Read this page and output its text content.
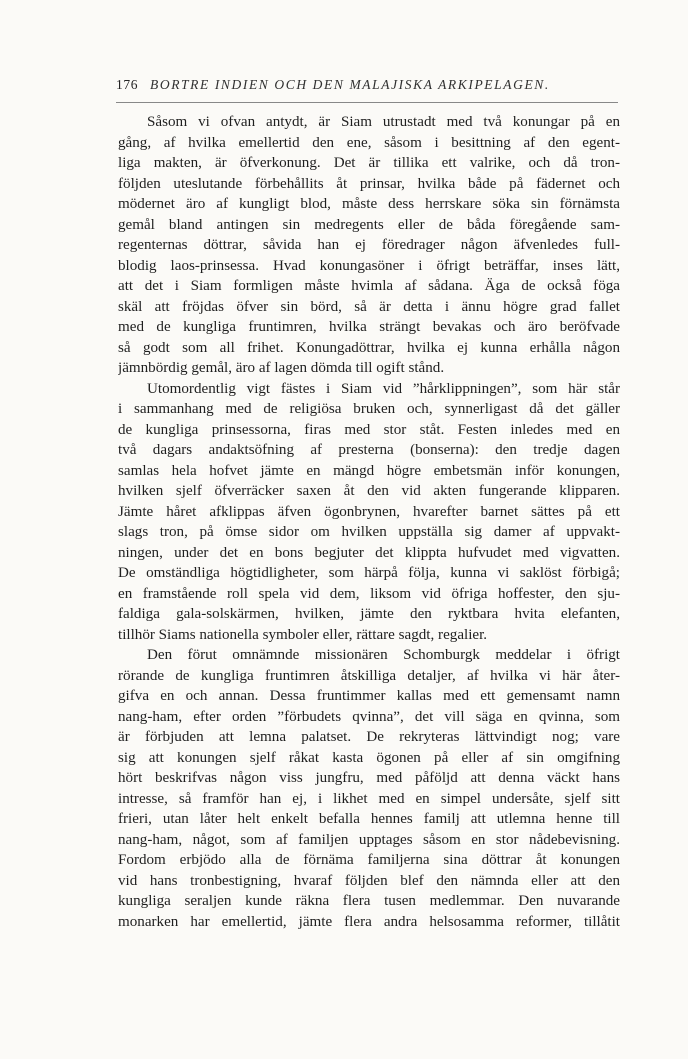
176 BORTRE INDIEN OCH DEN MALAJISKA ARKIPELAGEN.

Såsom vi ofvan antydt, är Siam utrustadt med två konungar på en
gång, af hvilka emellertid den ene, såsom i besittning af den egent-
liga makten, är öfverkonung. Det är tillika ett valrike, och då tron-
följden uteslutande förbehållits åt prinsar, hvilka både på fädernet och
mödernet äro af kungligt blod, måste dess herrskare söka sin förnämsta
gemål bland antingen sin medregents eller de båda föregående sam-
regenternas döttrar, såvida han ej föredrager någon äfvenledes full-
blodig laos-prinsessa. Hvad konungasöner i öfrigt beträffar, inses lätt,
att det i Siam formligen måste hvimla af sådana. Äga de också föga
skäl att fröjdas öfver sin börd, så är detta i ännu högre grad fallet
med de kungliga fruntimren, hvilka strängt bevakas och äro beröfvade
så godt som all frihet. Konungadöttrar, hvilka ej kunna erhålla någon
jämnbördig gemål, äro af lagen dömda till ogift stånd.

Utomordentlig vigt fästes i Siam vid ”hårklippningen”, som här står
i sammanhang med de religiösa bruken och, synnerligast då det gäller
de kungliga prinsessorna, firas med stor ståt. Festen inledes med en
två dagars andaktsöfning af presterna (bonserna): den tredje dagen
samlas hela hofvet jämte en mängd högre embetsmän inför konungen,
hvilken sjelf öfverräcker saxen åt den vid akten fungerande klipparen.
Jämte håret afklippas äfven ögonbrynen, hvarefter barnet sättes på ett
slags tron, på ömse sidor om hvilken uppställa sig damer af uppvakt-
ningen, under det en bons begjuter det klippta hufvudet med vigvatten.
De omständliga högtidligheter, som härpå följa, kunna vi saklöst förbigå;
en framstående roll spela vid dem, liksom vid öfriga hoffester, den sju-
faldiga gala-solskärmen, hvilken, jämte den ryktbara hvita elefanten,
tillhör Siams nationella symboler eller, rättare sagdt, regalier.

Den förut omnämnde missionären Schomburgk meddelar i öfrigt
rörande de kungliga fruntimren åtskilliga detaljer, af hvilka vi här åter-
gifva en och annan. Dessa fruntimmer kallas med ett gemensamt namn
nang-ham, efter orden ”förbudets qvinna”, det vill säga en qvinna, som
är förbjuden att lemna palatset. De rekryteras lättvindigt nog; vare
sig att konungen sjelf råkat kasta ögonen på eller af sin omgifning
hört beskrifvas någon viss jungfru, med påföljd att denna väckt hans
intresse, så framför han ej, i likhet med en simpel undersåte, sjelf sitt
frieri, utan låter helt enkelt befalla hennes familj att utlemna henne till
nang-ham, något, som af familjen upptages såsom en stor nådebevisning.
Fordom erbjödo alla de förnäma familjerna sina döttrar åt konungen
vid hans tronbestigning, hvaraf följden blef den nämnda eller att den
kungliga seraljen kunde räkna flera tusen medlemmar. Den nuvarande
monarken har emellertid, jämte flera andra helsosamma reformer, tillåtit
